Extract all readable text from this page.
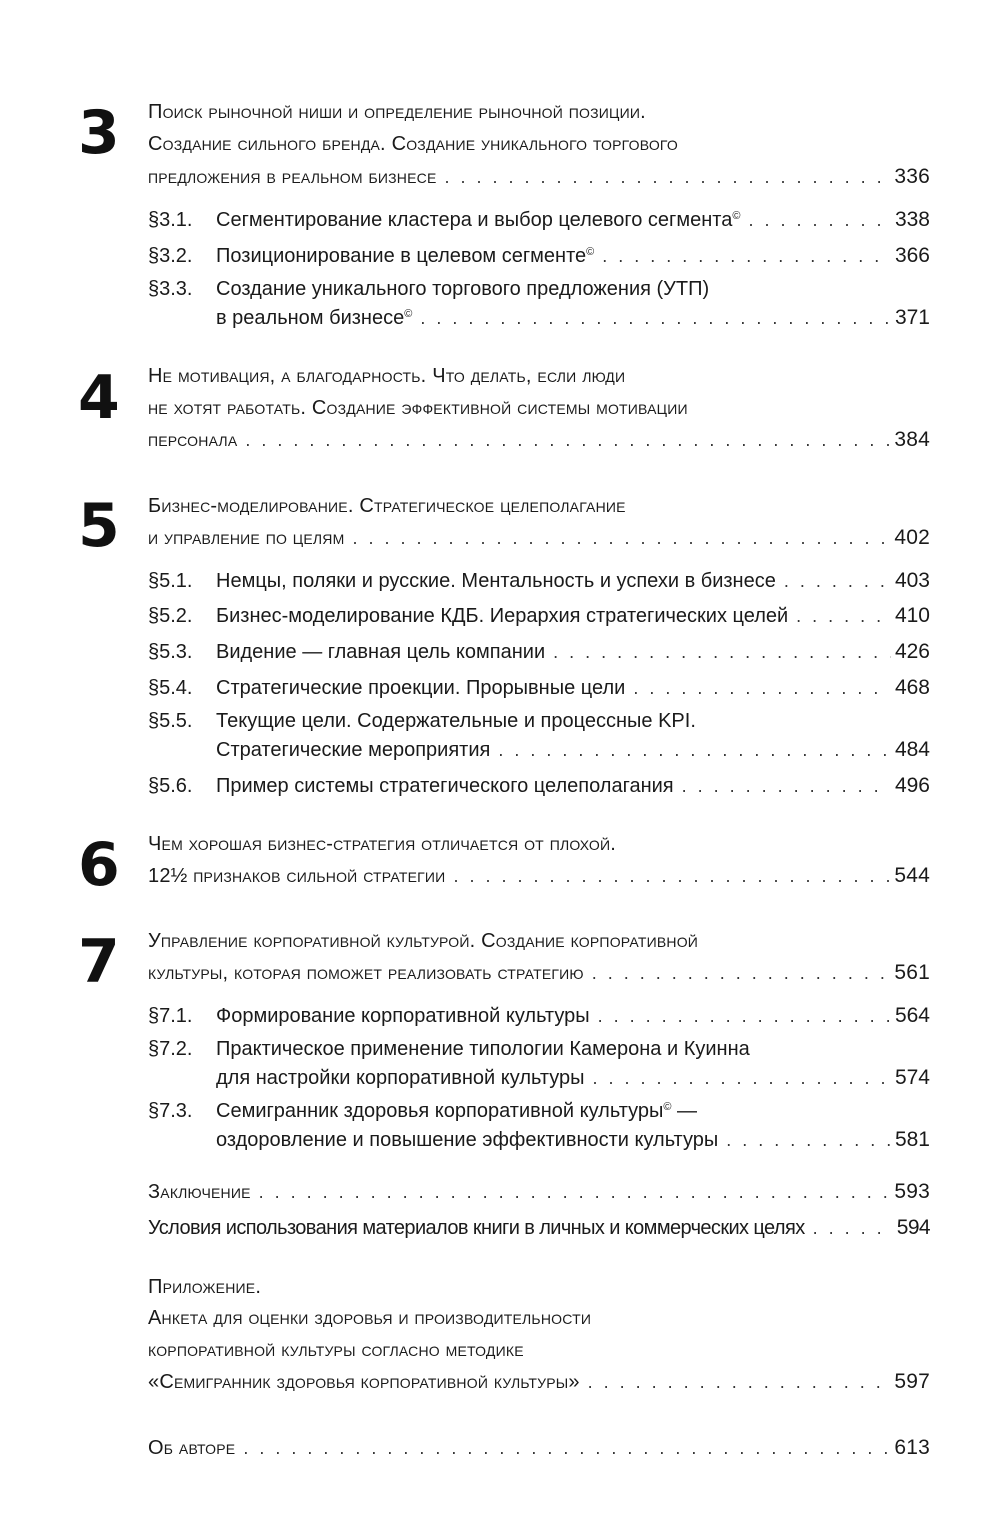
3 Поиск рыночной ниши и определение рыночной позиции.
Создание сильного бренда. Создание уникального торгового
предложения в реальном бизнесе . . .	336
§3.1. Сегментирование кластера и выбор целевого сегмента© . . .	338
§3.2. Позиционирование в целевом сегменте© . . .	366
§3.3. Создание уникального торгового предложения (УТП)
в реальном бизнесе© . . .	371
4 Не мотивация, а благодарность. Что делать, если люди
не хотят работать. Создание эффективной системы мотивации
персонала . . .	384
5 Бизнес-моделирование. Стратегическое целеполагание
и управление по целям . . .	402
§5.1. Немцы, поляки и русские. Ментальность и успехи в бизнесе . . .	403
§5.2. Бизнес-моделирование КДБ. Иерархия стратегических целей . . .	410
§5.3. Видение — главная цель компании . . .	426
§5.4. Стратегические проекции. Прорывные цели . . .	468
§5.5. Текущие цели. Содержательные и процессные KPI.
Стратегические мероприятия . . .	484
§5.6. Пример системы стратегического целеполагания . . .	496
6 Чем хорошая бизнес-стратегия отличается от плохой.
12½ признаков сильной стратегии . . .	544
7 Управление корпоративной культурой. Создание корпоративной
культуры, которая поможет реализовать стратегию . . .	561
§7.1. Формирование корпоративной культуры . . .	564
§7.2. Практическое применение типологии Камерона и Куинна
для настройки корпоративной культуры . . .	574
§7.3. Семигранник здоровья корпоративной культуры© —
оздоровление и повышение эффективности культуры . . .	581
Заключение . . .	593
Условия использования материалов книги в личных и коммерческих целях . . .	594
Приложение.
Анкета для оценки здоровья и производительности
корпоративной культуры согласно методике
«Семигранник здоровья корпоративной культуры» . . .	597
Об авторе . . .	613
